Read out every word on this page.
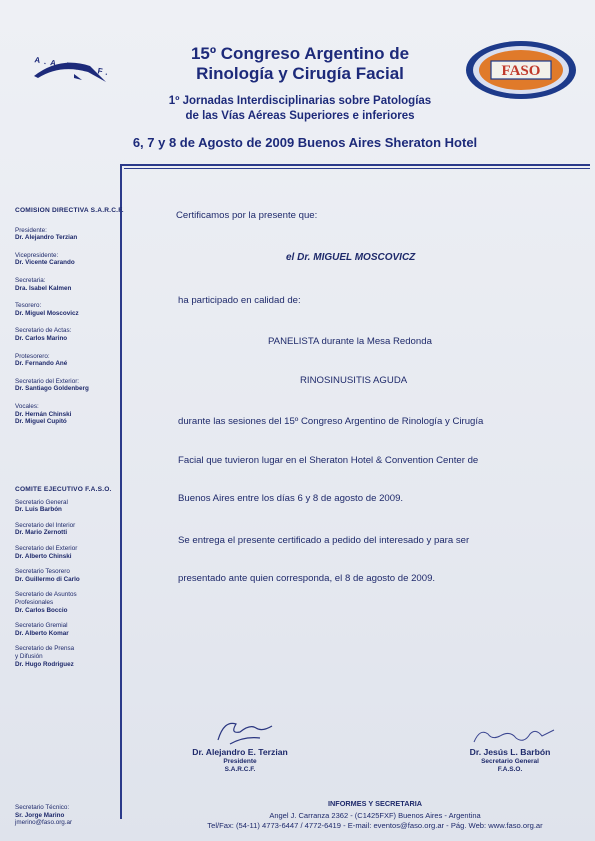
FASO
15º Congreso Argentino de
Rinología y Cirugía Facial
1º Jornadas Interdisciplinarias sobre Patologías
de las Vías Aéreas Superiores e inferiores
6, 7 y 8 de Agosto de 2009 Buenos Aires Sheraton Hotel
COMISION DIRECTIVA S.A.R.C.F.
Presidente:
Dr. Alejandro Terzian
Vicepresidente:
Dr. Vicente Carando
Secretaria:
Dra. Isabel Kalmen
Tesorero:
Dr. Miguel Moscovicz
Secretario de Actas:
Dr. Carlos Marino
Protesorero:
Dr. Fernando Ané
Secretario del Exterior:
Dr. Santiago Goldenberg
Vocales:
Dr. Hernán Chinski
Dr. Miguel Cupitó
COMITE EJECUTIVO F.A.S.O.
Secretario General
Dr. Luis Barbón
Secretario del Interior
Dr. Mario Zernotti
Secretario del Exterior
Dr. Alberto Chinski
Secretario Tesorero
Dr. Guillermo di Carlo
Secretario de Asuntos
Profesionales
Dr. Carlos Boccio
Secretario Gremial
Dr. Alberto Komar
Secretario de Prensa
y Difusión
Dr. Hugo Rodriguez
Secretario Técnico:
Sr. Jorge Marino
jmerino@faso.org.ar
Certificamos por la presente que:
el Dr. MIGUEL MOSCOVICZ
ha participado en calidad de:
PANELISTA durante la Mesa Redonda
RINOSINUSITIS AGUDA
durante las sesiones del 15º Congreso Argentino de Rinología y Cirugía
Facial que tuvieron lugar en el Sheraton Hotel & Convention Center de
Buenos Aires entre los días 6 y 8 de agosto de 2009.
Se entrega el presente certificado a pedido del interesado y para ser
presentado ante quien corresponda, el 8 de agosto de 2009.
Dr. Alejandro E. Terzian
Presidente
S.A.R.C.F.
Dr. Jesús L. Barbón
Secretario General
F.A.S.O.
INFORMES Y SECRETARIA
Angel J. Carranza 2362 - (C1425FXF) Buenos Aires - Argentina
Tel/Fax: (54-11) 4773-6447 / 4772-6419 - E-mail: eventos@faso.org.ar - Pág. Web: www.faso.org.ar
A.A.R.C.F.
